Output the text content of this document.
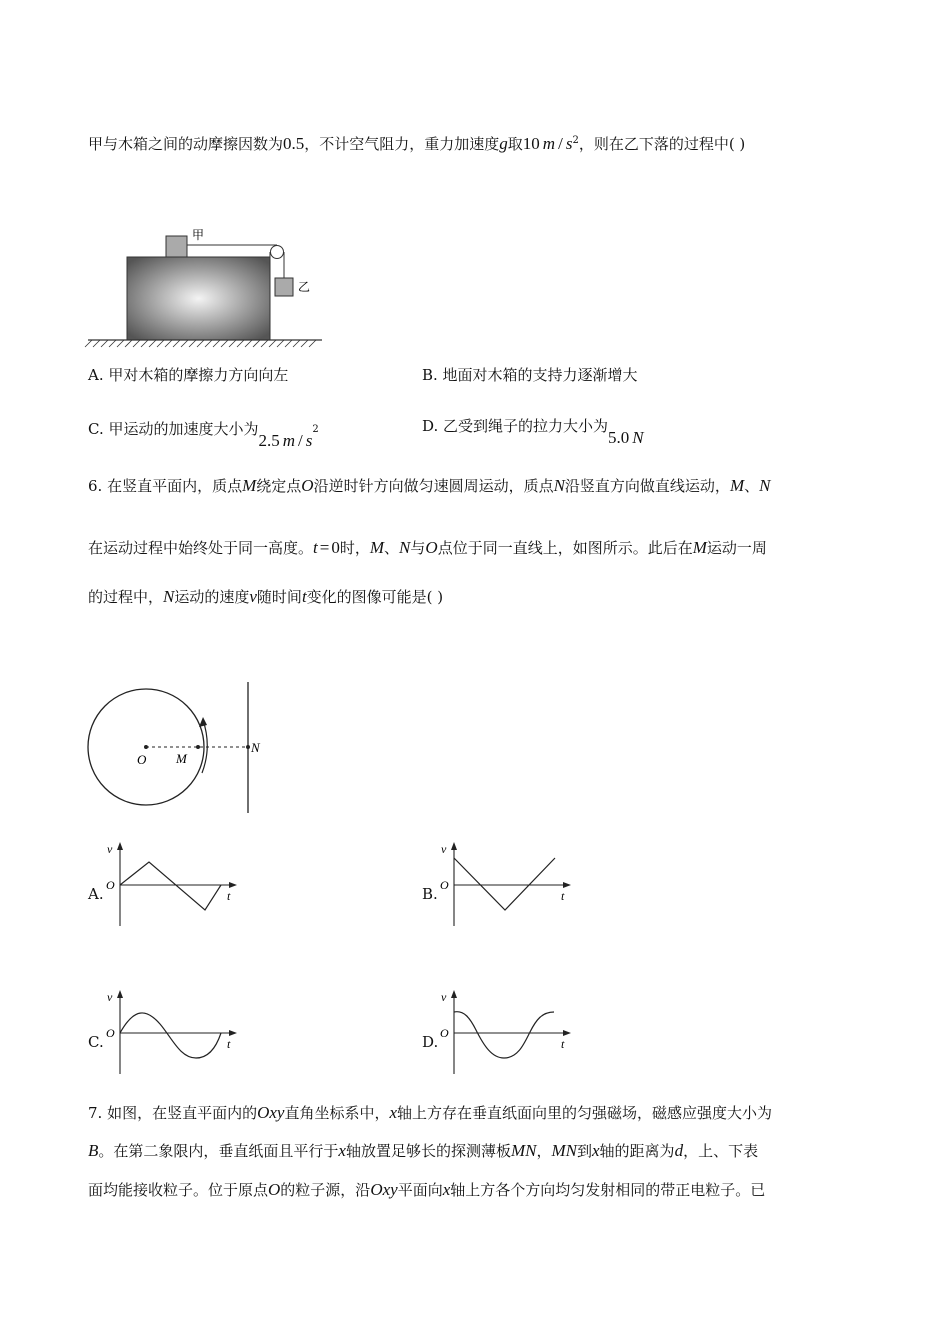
甲与木箱之间的动摩擦因数为0.5，不计空气阻力，重力加速度g取10 m / $s^2$，则在乙下落的过程中( )
甲
乙
A. 甲对木箱的摩擦力方向向左	B. 地面对木箱的支持力逐渐增大
C. 甲运动的加速度大小为2.5 m / $s^2$	D. 乙受到绳子的拉力大小为5.0 N
6. 在竖直平面内，质点M绕定点O沿逆时针方向做匀速圆周运动，质点N沿竖直方向做直线运动，M、N
在运动过程中始终处于同一高度。t = 0时，M、N与O点位于同一直线上，如图所示。此后在M运动一周
的过程中，N运动的速度v随时间t变化的图像可能是( )
O M
N
A.
v
O
t	B.
v
O
t
C.
v
O
t	D.
v
O
t
7. 如图，在竖直平面内的Oxy直角坐标系中，x轴上方存在垂直纸面向里的匀强磁场，磁感应强度大小为
B。在第二象限内，垂直纸面且平行于x轴放置足够长的探测薄板MN，MN到x轴的距离为d，上、下表
面均能接收粒子。位于原点O的粒子源，沿Oxy平面向x轴上方各个方向均匀发射相同的带正电粒子。已
